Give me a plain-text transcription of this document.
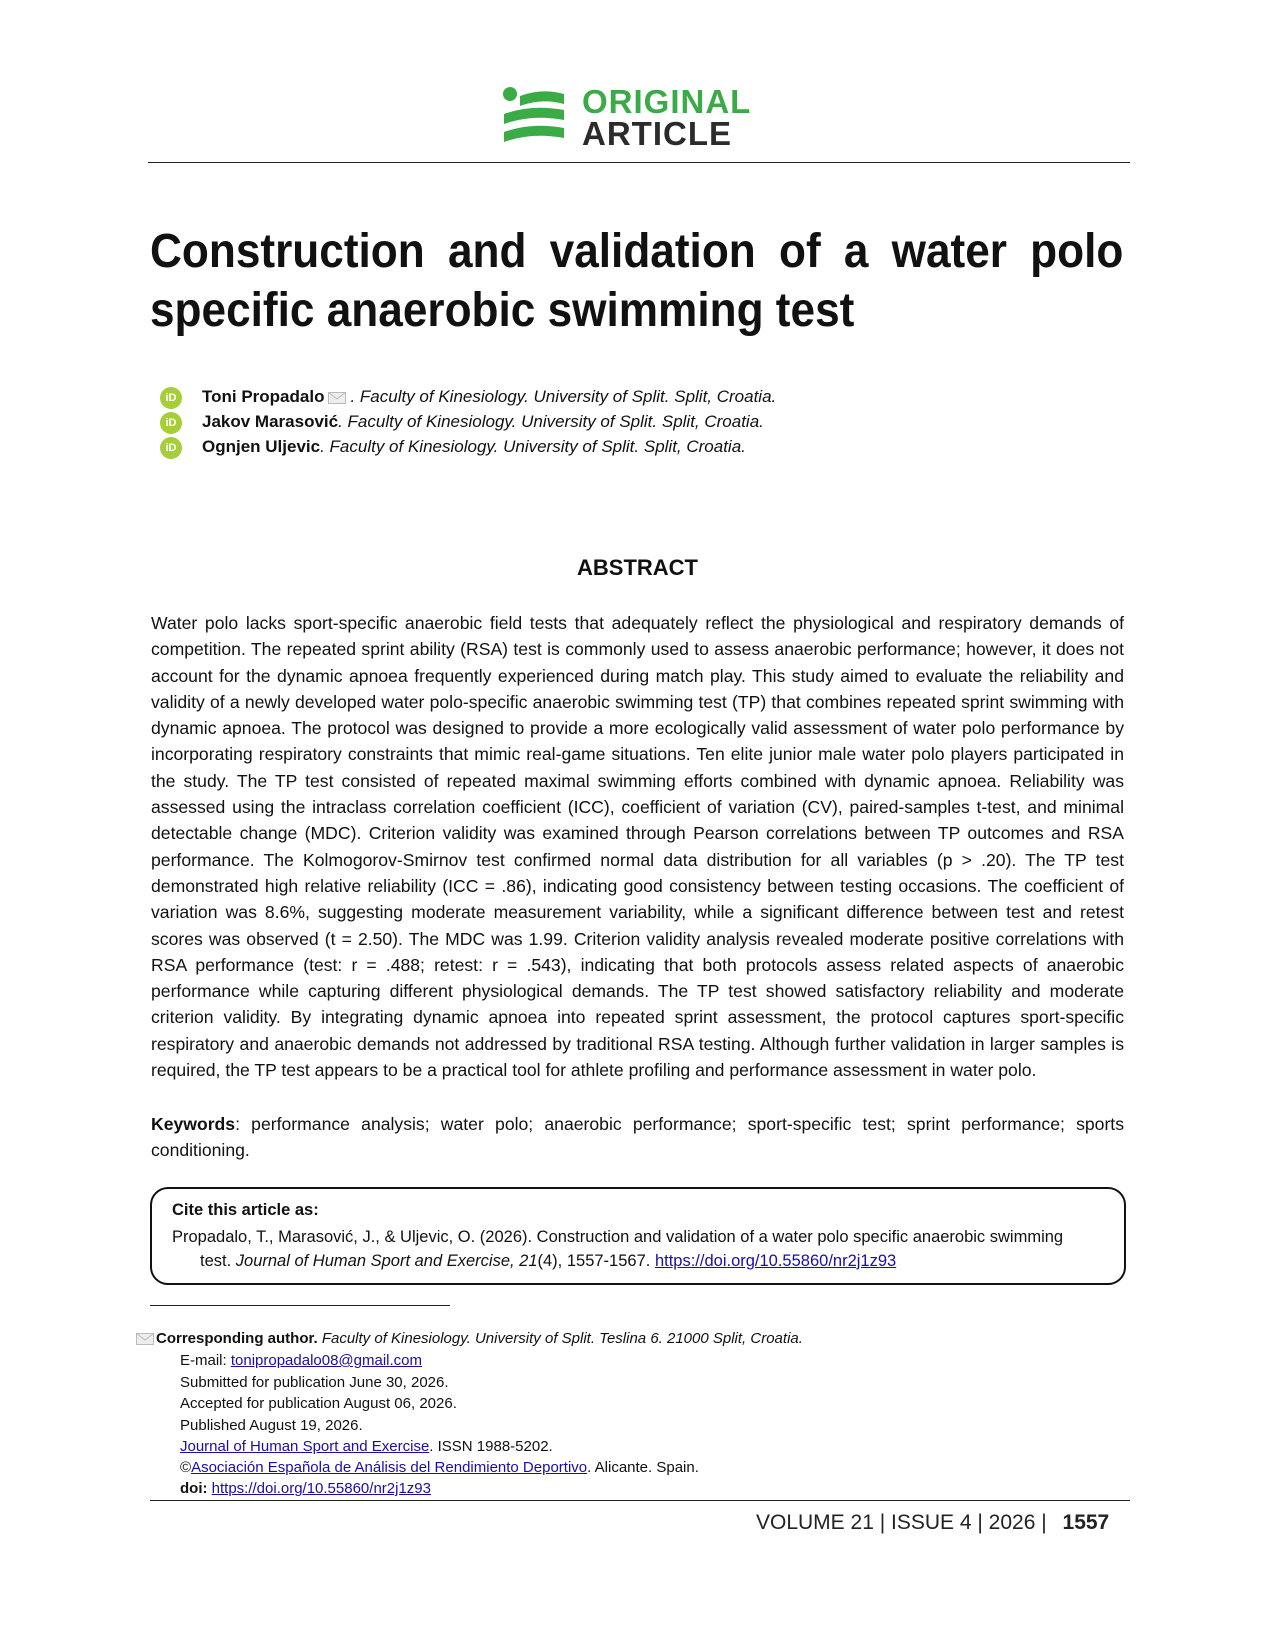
ORIGINAL
ARTICLE
Construction and validation of a water polo specific anaerobic swimming test
iD Toni Propadalo . Faculty of Kinesiology. University of Split. Split, Croatia.
iD Jakov Marasović. Faculty of Kinesiology. University of Split. Split, Croatia.
iD Ognjen Uljevic. Faculty of Kinesiology. University of Split. Split, Croatia.
ABSTRACT
Water polo lacks sport-specific anaerobic field tests that adequately reflect the physiological and respiratory demands of competition. The repeated sprint ability (RSA) test is commonly used to assess anaerobic performance; however, it does not account for the dynamic apnoea frequently experienced during match play. This study aimed to evaluate the reliability and validity of a newly developed water polo-specific anaerobic swimming test (TP) that combines repeated sprint swimming with dynamic apnoea. The protocol was designed to provide a more ecologically valid assessment of water polo performance by incorporating respiratory constraints that mimic real-game situations. Ten elite junior male water polo players participated in the study. The TP test consisted of repeated maximal swimming efforts combined with dynamic apnoea. Reliability was assessed using the intraclass correlation coefficient (ICC), coefficient of variation (CV), paired-samples t-test, and minimal detectable change (MDC). Criterion validity was examined through Pearson correlations between TP outcomes and RSA performance. The Kolmogorov-Smirnov test confirmed normal data distribution for all variables (p > .20). The TP test demonstrated high relative reliability (ICC = .86), indicating good consistency between testing occasions. The coefficient of variation was 8.6%, suggesting moderate measurement variability, while a significant difference between test and retest scores was observed (t = 2.50). The MDC was 1.99. Criterion validity analysis revealed moderate positive correlations with RSA performance (test: r = .488; retest: r = .543), indicating that both protocols assess related aspects of anaerobic performance while capturing different physiological demands. The TP test showed satisfactory reliability and moderate criterion validity. By integrating dynamic apnoea into repeated sprint assessment, the protocol captures sport-specific respiratory and anaerobic demands not addressed by traditional RSA testing. Although further validation in larger samples is required, the TP test appears to be a practical tool for athlete profiling and performance assessment in water polo.
Keywords: performance analysis; water polo; anaerobic performance; sport-specific test; sprint performance; sports conditioning.
Cite this article as:
Propadalo, T., Marasović, J., & Uljevic, O. (2026). Construction and validation of a water polo specific anaerobic swimming
test. Journal of Human Sport and Exercise, 21(4), 1557-1567. https://doi.org/10.55860/nr2j1z93
Corresponding author. Faculty of Kinesiology. University of Split. Teslina 6. 21000 Split, Croatia.
E-mail: tonipropadalo08@gmail.com
Submitted for publication June 30, 2026.
Accepted for publication August 06, 2026.
Published August 19, 2026.
Journal of Human Sport and Exercise. ISSN 1988-5202.
©Asociación Española de Análisis del Rendimiento Deportivo. Alicante. Spain.
doi: https://doi.org/10.55860/nr2j1z93
VOLUME 21 | ISSUE 4 | 2026 | 1557
